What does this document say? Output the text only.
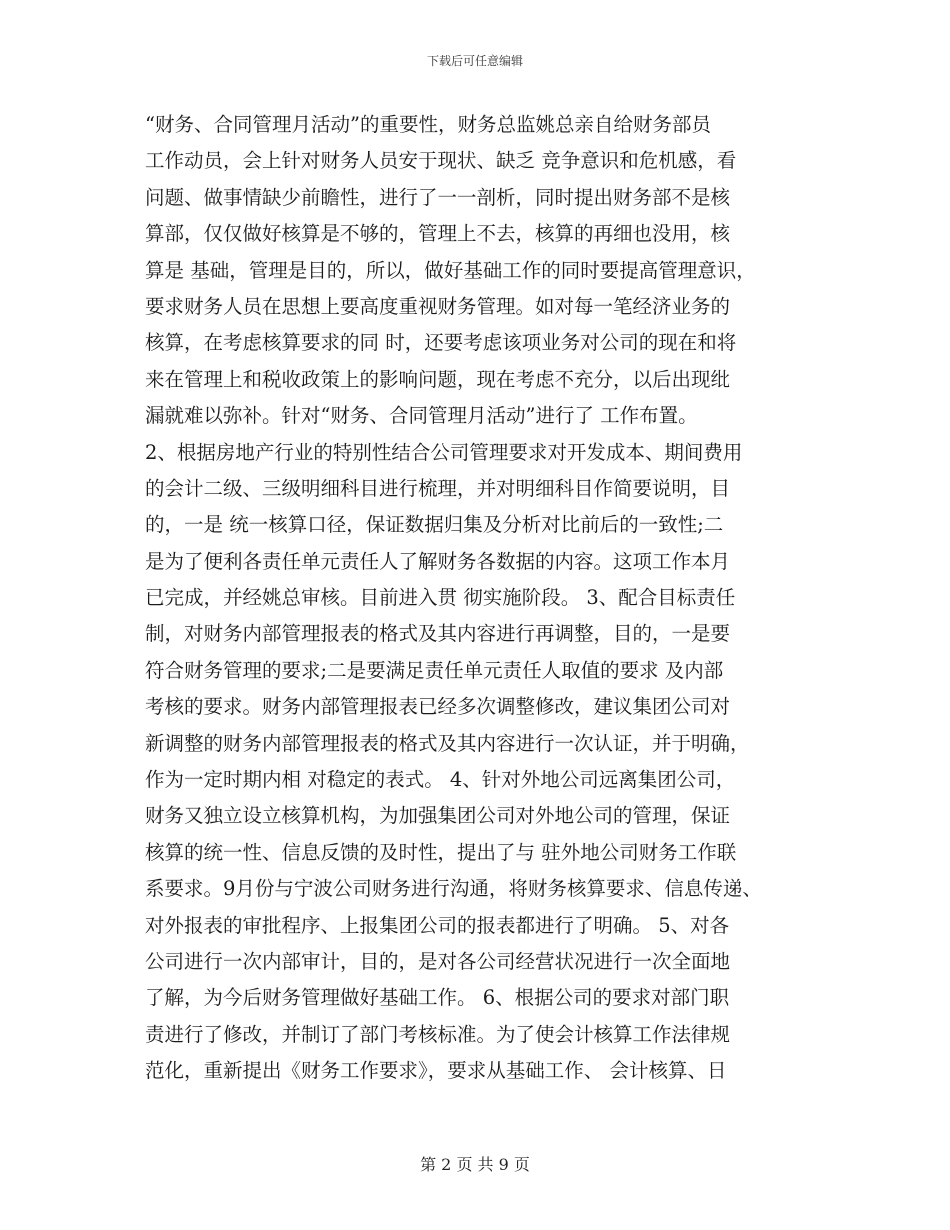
下载后可任意编辑
“财务、合同管理月活动”的重要性，财务总监姚总亲自给财务部员
工作动员，会上针对财务人员安于现状、缺乏 竞争意识和危机感，看
问题、做事情缺少前瞻性，进行了一一剖析，同时提出财务部不是核
算部，仅仅做好核算是不够的，管理上不去，核算的再细也没用，核
算是 基础，管理是目的，所以，做好基础工作的同时要提高管理意识，
要求财务人员在思想上要高度重视财务管理。如对每一笔经济业务的
核算，在考虑核算要求的同 时，还要考虑该项业务对公司的现在和将
来在管理上和税收政策上的影响问题，现在考虑不充分，以后出现纰
漏就难以弥补。针对“财务、合同管理月活动”进行了 工作布置。
2、根据房地产行业的特别性结合公司管理要求对开发成本、期间费用
的会计二级、三级明细科目进行梳理，并对明细科目作简要说明，目
的，一是 统一核算口径，保证数据归集及分析对比前后的一致性;二
是为了便利各责任单元责任人了解财务各数据的内容。这项工作本月
已完成，并经姚总审核。目前进入贯 彻实施阶段。 3、配合目标责任
制，对财务内部管理报表的格式及其内容进行再调整，目的，一是要
符合财务管理的要求;二是要满足责任单元责任人取值的要求 及内部
考核的要求。财务内部管理报表已经多次调整修改，建议集团公司对
新调整的财务内部管理报表的格式及其内容进行一次认证，并于明确，
作为一定时期内相 对稳定的表式。 4、针对外地公司远离集团公司，
财务又独立设立核算机构，为加强集团公司对外地公司的管理，保证
核算的统一性、信息反馈的及时性，提出了与 驻外地公司财务工作联
系要求。9月份与宁波公司财务进行沟通，将财务核算要求、信息传递、
对外报表的审批程序、上报集团公司的报表都进行了明确。 5、对各
公司进行一次内部审计，目的，是对各公司经营状况进行一次全面地
了解，为今后财务管理做好基础工作。 6、根据公司的要求对部门职
责进行了修改，并制订了部门考核标准。为了使会计核算工作法律规
范化，重新提出《财务工作要求》，要求从基础工作、 会计核算、日
第 2 页 共 9 页
